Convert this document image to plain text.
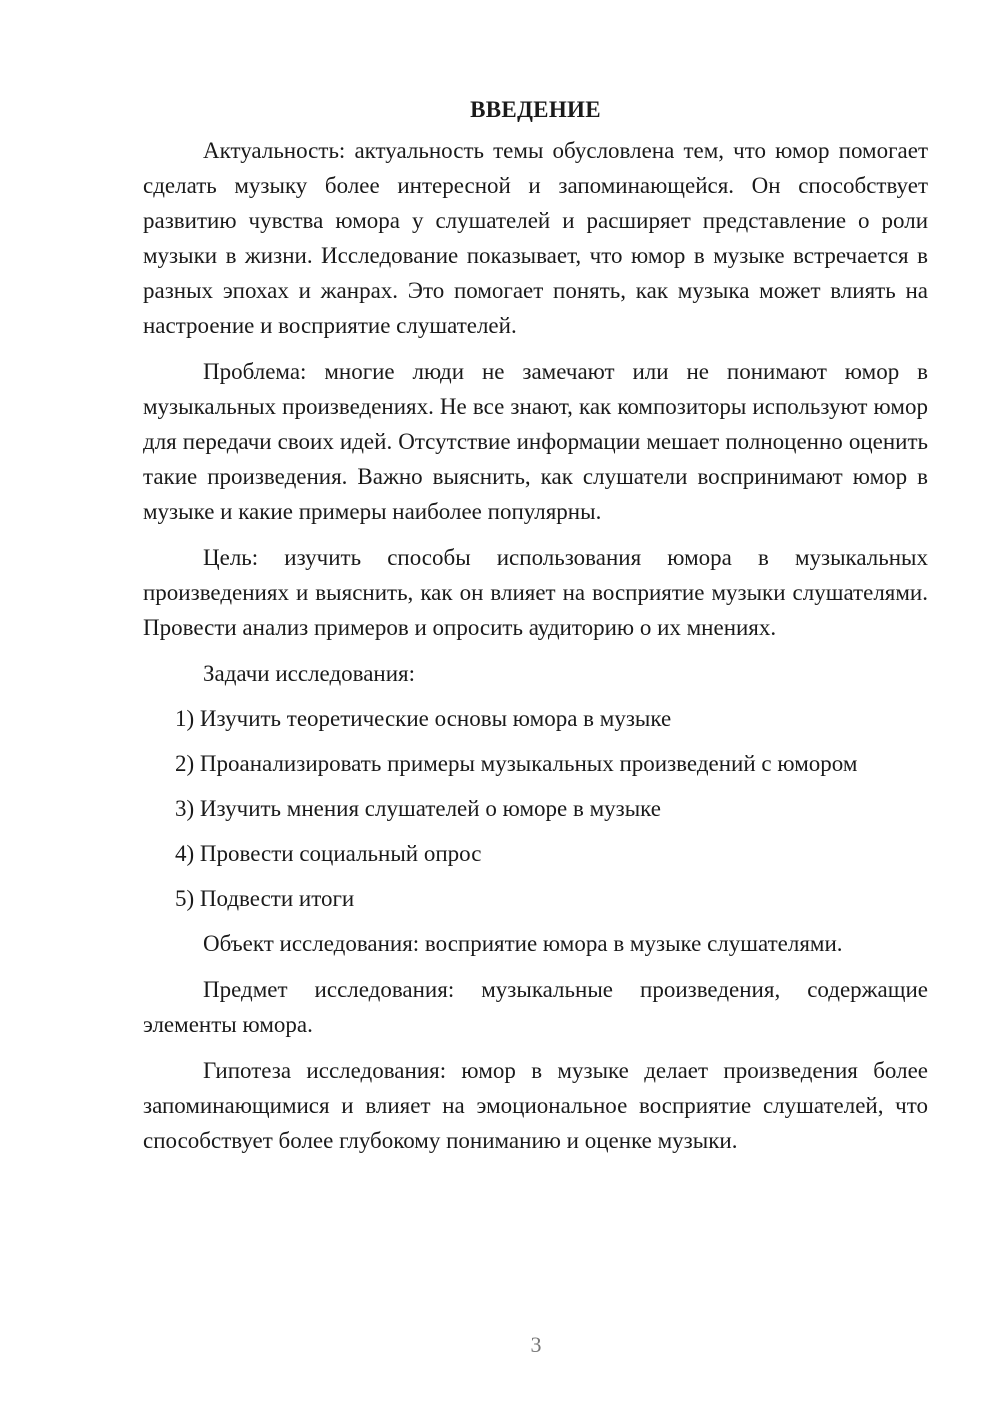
ВВЕДЕНИЕ

Актуальность: актуальность темы обусловлена тем, что юмор помогает сделать музыку более интересной и запоминающейся. Он способствует развитию чувства юмора у слушателей и расширяет представление о роли музыки в жизни. Исследование показывает, что юмор в музыке встречается в разных эпохах и жанрах. Это помогает понять, как музыка может влиять на настроение и восприятие слушателей.

Проблема: многие люди не замечают или не понимают юмор в музыкальных произведениях. Не все знают, как композиторы используют юмор для передачи своих идей. Отсутствие информации мешает полноценно оценить такие произведения. Важно выяснить, как слушатели воспринимают юмор в музыке и какие примеры наиболее популярны.

Цель: изучить способы использования юмора в музыкальных произведениях и выяснить, как он влияет на восприятие музыки слушателями. Провести анализ примеров и опросить аудиторию о их мнениях.

Задачи исследования:

1) Изучить теоретические основы юмора в музыке

2) Проанализировать примеры музыкальных произведений с юмором

3) Изучить мнения слушателей о юморе в музыке

4) Провести социальный опрос

5) Подвести итоги

Объект исследования: восприятие юмора в музыке слушателями.

Предмет исследования: музыкальные произведения, содержащие элементы юмора.

Гипотеза исследования: юмор в музыке делает произведения более запоминающимися и влияет на эмоциональное восприятие слушателей, что способствует более глубокому пониманию и оценке музыки.

3
